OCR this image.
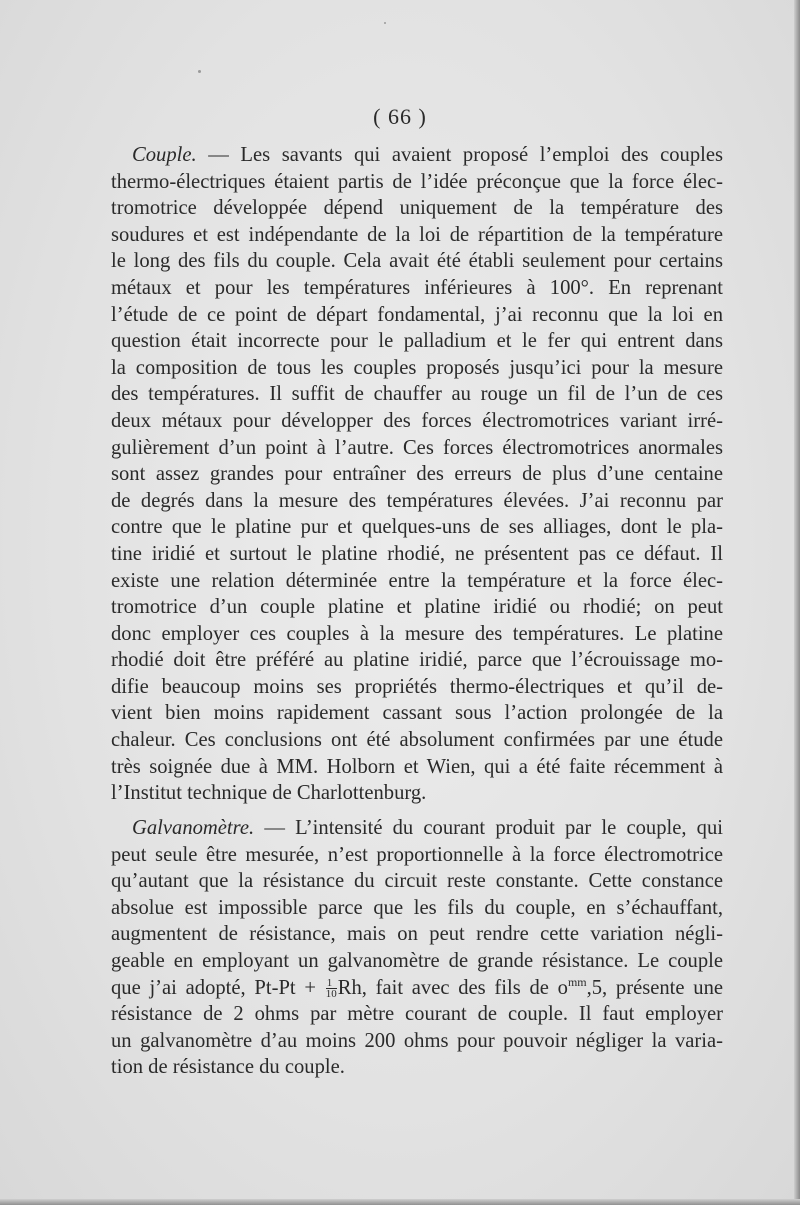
( 66 )
Couple. — Les savants qui avaient proposé l’emploi des couples
thermo-électriques étaient partis de l’idée préconçue que la force élec-
tromotrice développée dépend uniquement de la température des
soudures et est indépendante de la loi de répartition de la température
le long des fils du couple. Cela avait été établi seulement pour certains
métaux et pour les températures inférieures à 100°. En reprenant
l’étude de ce point de départ fondamental, j’ai reconnu que la loi en
question était incorrecte pour le palladium et le fer qui entrent dans
la composition de tous les couples proposés jusqu’ici pour la mesure
des températures. Il suffit de chauffer au rouge un fil de l’un de ces
deux métaux pour développer des forces électromotrices variant irré-
gulièrement d’un point à l’autre. Ces forces électromotrices anormales
sont assez grandes pour entraîner des erreurs de plus d’une centaine
de degrés dans la mesure des températures élevées. J’ai reconnu par
contre que le platine pur et quelques-uns de ses alliages, dont le pla-
tine iridié et surtout le platine rhodié, ne présentent pas ce défaut. Il
existe une relation déterminée entre la température et la force élec-
tromotrice d’un couple platine et platine iridié ou rhodié; on peut
donc employer ces couples à la mesure des températures. Le platine
rhodié doit être préféré au platine iridié, parce que l’écrouissage mo-
difie beaucoup moins ses propriétés thermo-électriques et qu’il de-
vient bien moins rapidement cassant sous l’action prolongée de la
chaleur. Ces conclusions ont été absolument confirmées par une étude
très soignée due à MM. Holborn et Wien, qui a été faite récemment à
l’Institut technique de Charlottenburg.
Galvanomètre. — L’intensité du courant produit par le couple, qui
peut seule être mesurée, n’est proportionnelle à la force électromotrice
qu’autant que la résistance du circuit reste constante. Cette constance
absolue est impossible parce que les fils du couple, en s’échauffant,
augmentent de résistance, mais on peut rendre cette variation négli-
geable en employant un galvanomètre de grande résistance. Le couple
que j’ai adopté, $Pt-Pt + \frac{1}{10} Rh$, fait avec des fils de $o^{mm},5$, présente une
résistance de 2 ohms par mètre courant de couple. Il faut employer
un galvanomètre d’au moins 200 ohms pour pouvoir négliger la varia-
tion de résistance du couple.
